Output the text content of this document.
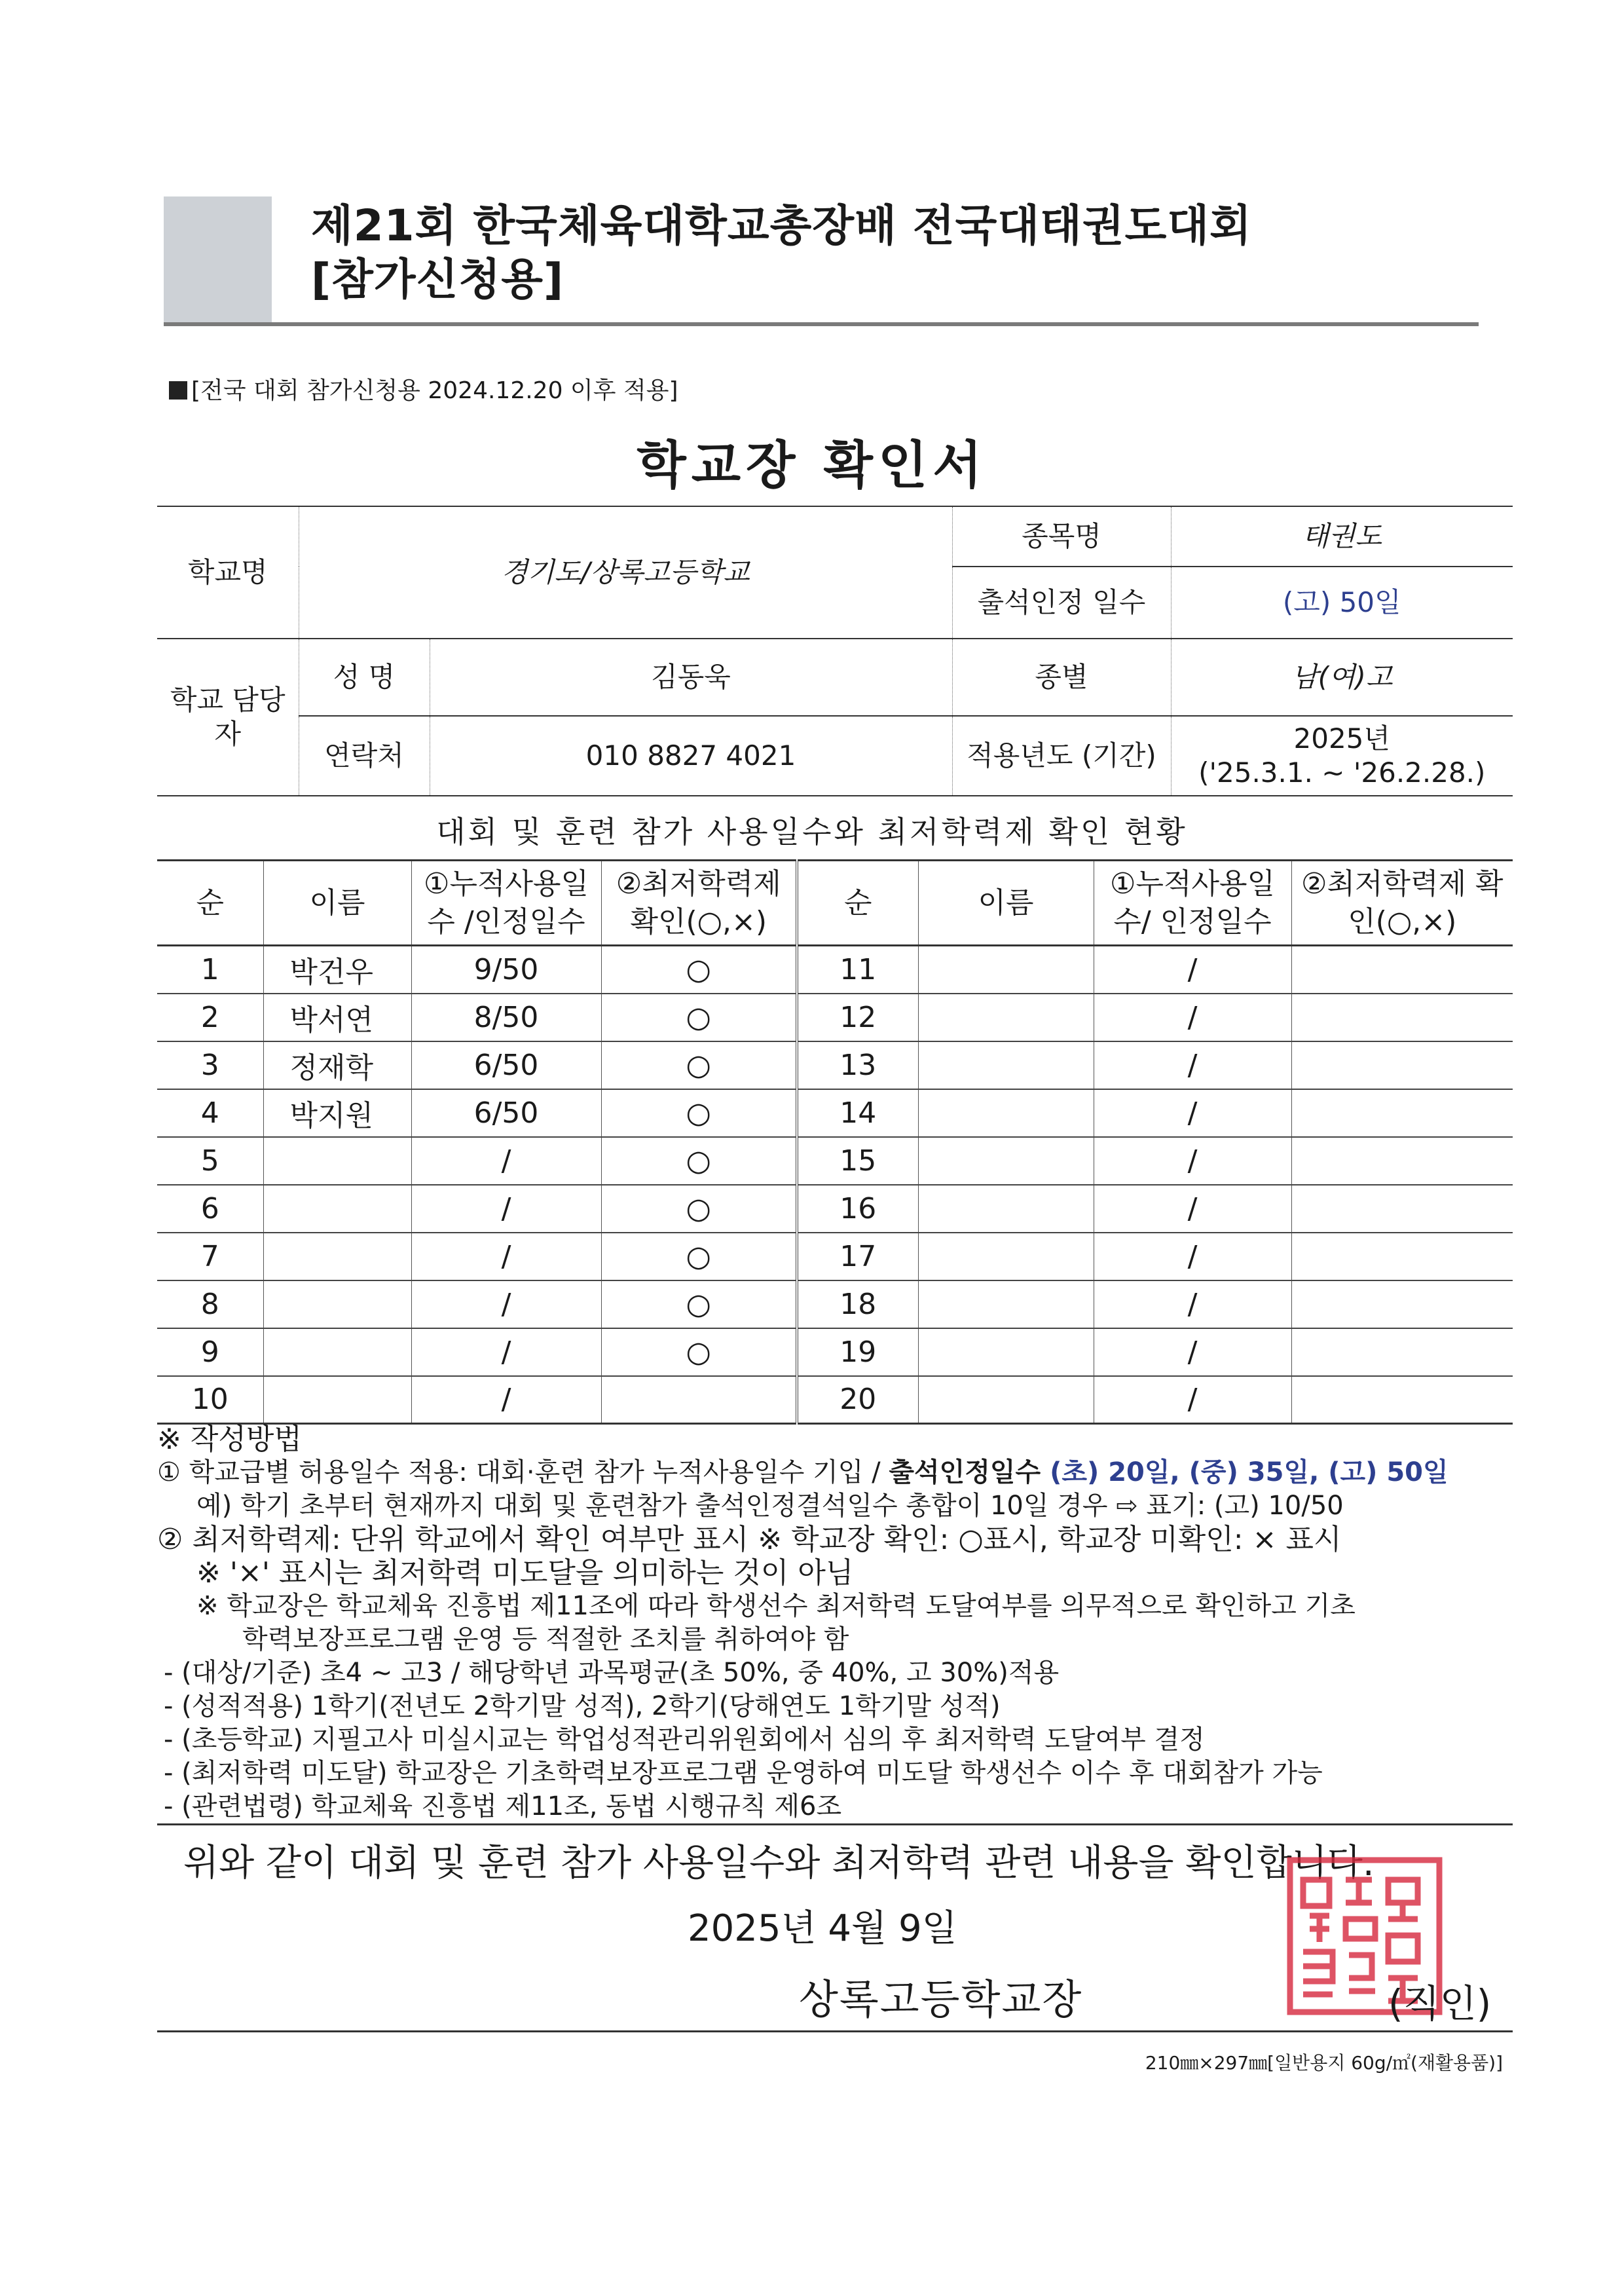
제21회 한국체육대학교총장배 전국대태권도대회
[참가신청용]
[전국 대회 참가신청용 2024.12.20 이후 적용]
학교장 확인서
학교명	경기도/상록고등학교		종목명	태권도
			출석인정 일수	(고) 50일
학교 담당자	성 명	김동욱	종별	남(여)고
	연락처	010 8827 4021	적용년도 (기간)	2025년
('25.3.1. ~ '26.2.28.)
대회 및 훈련 참가 사용일수와 최저학력제 확인 현황
순	이름	①누적사용일수 /인정일수	②최저학력제 확인(○,×)	순	이름	①누적사용일수/ 인정일수	②최저학력제 확인(○,×)
1	박건우	9/50	○	11		/	
2	박서연	8/50	○	12		/	
3	정재학	6/50	○	13		/	
4	박지원	6/50	○	14		/	
5		/	○	15		/	
6		/	○	16		/	
7		/	○	17		/	
8		/	○	18		/	
9		/	○	19		/	
10		/		20		/	
※ 작성방법
① 학교급별 허용일수 적용: 대회·훈련 참가 누적사용일수 기입 / 출석인정일수 (초) 20일, (중) 35일, (고) 50일
예) 학기 초부터 현재까지 대회 및 훈련참가 출석인정결석일수 총합이 10일 경우 ⇨ 표기: (고) 10/50
② 최저학력제: 단위 학교에서 확인 여부만 표시 ※ 학교장 확인: ○표시, 학교장 미확인: × 표시
※ '×' 표시는 최저학력 미도달을 의미하는 것이 아님
※ 학교장은 학교체육 진흥법 제11조에 따라 학생선수 최저학력 도달여부를 의무적으로 확인하고 기초
학력보장프로그램 운영 등 적절한 조치를 취하여야 함
- (대상/기준) 초4 ~ 고3 / 해당학년 과목평균(초 50%, 중 40%, 고 30%)적용
- (성적적용) 1학기(전년도 2학기말 성적), 2학기(당해연도 1학기말 성적)
- (초등학교) 지필고사 미실시교는 학업성적관리위원회에서 심의 후 최저학력 도달여부 결정
- (최저학력 미도달) 학교장은 기초학력보장프로그램 운영하여 미도달 학생선수 이수 후 대회참가 가능
- (관련법령) 학교체육 진흥법 제11조, 동법 시행규칙 제6조
위와 같이 대회 및 훈련 참가 사용일수와 최저학력 관련 내용을 확인합니다.
2025년 4월 9일
상록고등학교장	(직인)
210㎜×297㎜[일반용지 60g/㎡(재활용품)]
